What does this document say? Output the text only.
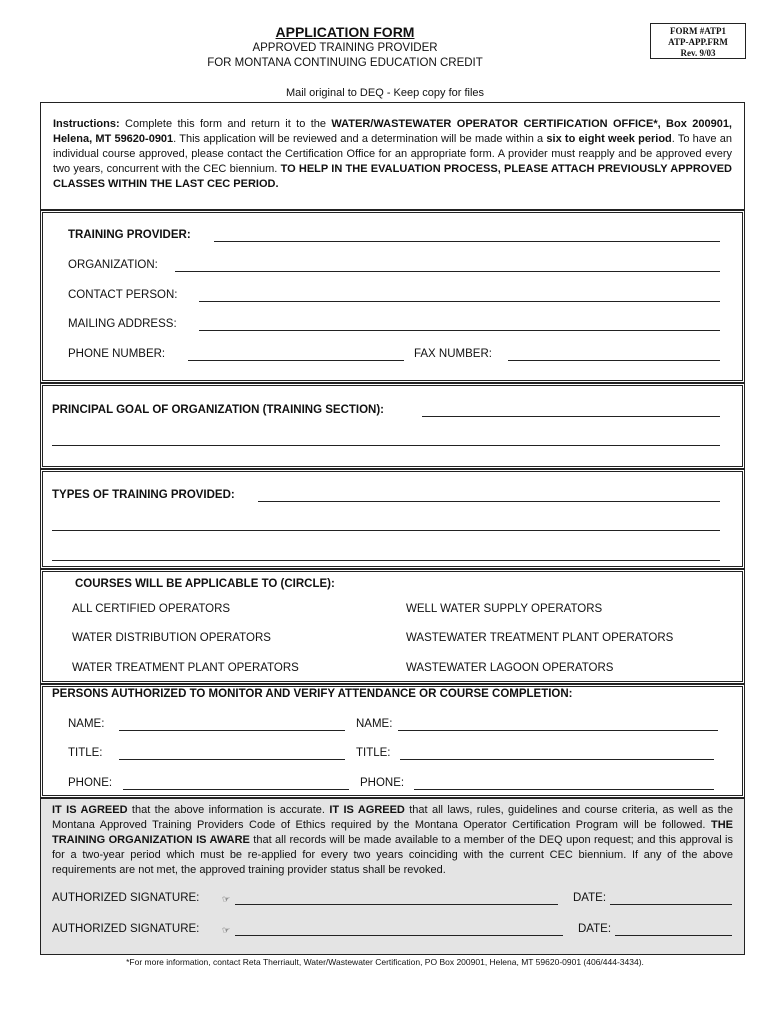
APPLICATION FORM
APPROVED TRAINING PROVIDER
FOR MONTANA CONTINUING EDUCATION CREDIT
FORM #ATP1
ATP-APP.FRM
Rev. 9/03
Mail original to DEQ - Keep copy for files
Instructions: Complete this form and return it to the WATER/WASTEWATER OPERATOR CERTIFICATION OFFICE*, Box 200901, Helena, MT 59620-0901. This application will be reviewed and a determination will be made within a six to eight week period. To have an individual course approved, please contact the Certification Office for an appropriate form. A provider must reapply and be approved every two years, concurrent with the CEC biennium. TO HELP IN THE EVALUATION PROCESS, PLEASE ATTACH PREVIOUSLY APPROVED CLASSES WITHIN THE LAST CEC PERIOD.
TRAINING PROVIDER:
ORGANIZATION:
CONTACT PERSON:
MAILING ADDRESS:
PHONE NUMBER:	FAX NUMBER:
PRINCIPAL GOAL OF ORGANIZATION (TRAINING SECTION):
TYPES OF TRAINING PROVIDED:
COURSES WILL BE APPLICABLE TO (CIRCLE):
ALL CERTIFIED OPERATORS
WATER DISTRIBUTION OPERATORS
WATER TREATMENT PLANT OPERATORS
WELL WATER SUPPLY OPERATORS
WASTEWATER TREATMENT PLANT OPERATORS
WASTEWATER LAGOON OPERATORS
PERSONS AUTHORIZED TO MONITOR AND VERIFY ATTENDANCE OR COURSE COMPLETION:
NAME:	NAME:
TITLE:	TITLE:
PHONE:	PHONE:
IT IS AGREED that the above information is accurate. IT IS AGREED that all laws, rules, guidelines and course criteria, as well as the Montana Approved Training Providers Code of Ethics required by the Montana Operator Certification Program will be followed. THE TRAINING ORGANIZATION IS AWARE that all records will be made available to a member of the DEQ upon request; and this approval is for a two-year period which must be re-applied for every two years coinciding with the current CEC biennium. If any of the above requirements are not met, the approved training provider status shall be revoked.
AUTHORIZED SIGNATURE:	☞	DATE:
AUTHORIZED SIGNATURE:	☞	DATE:
*For more information, contact Reta Therriault, Water/Wastewater Certification, PO Box 200901, Helena, MT 59620-0901 (406/444-3434).
